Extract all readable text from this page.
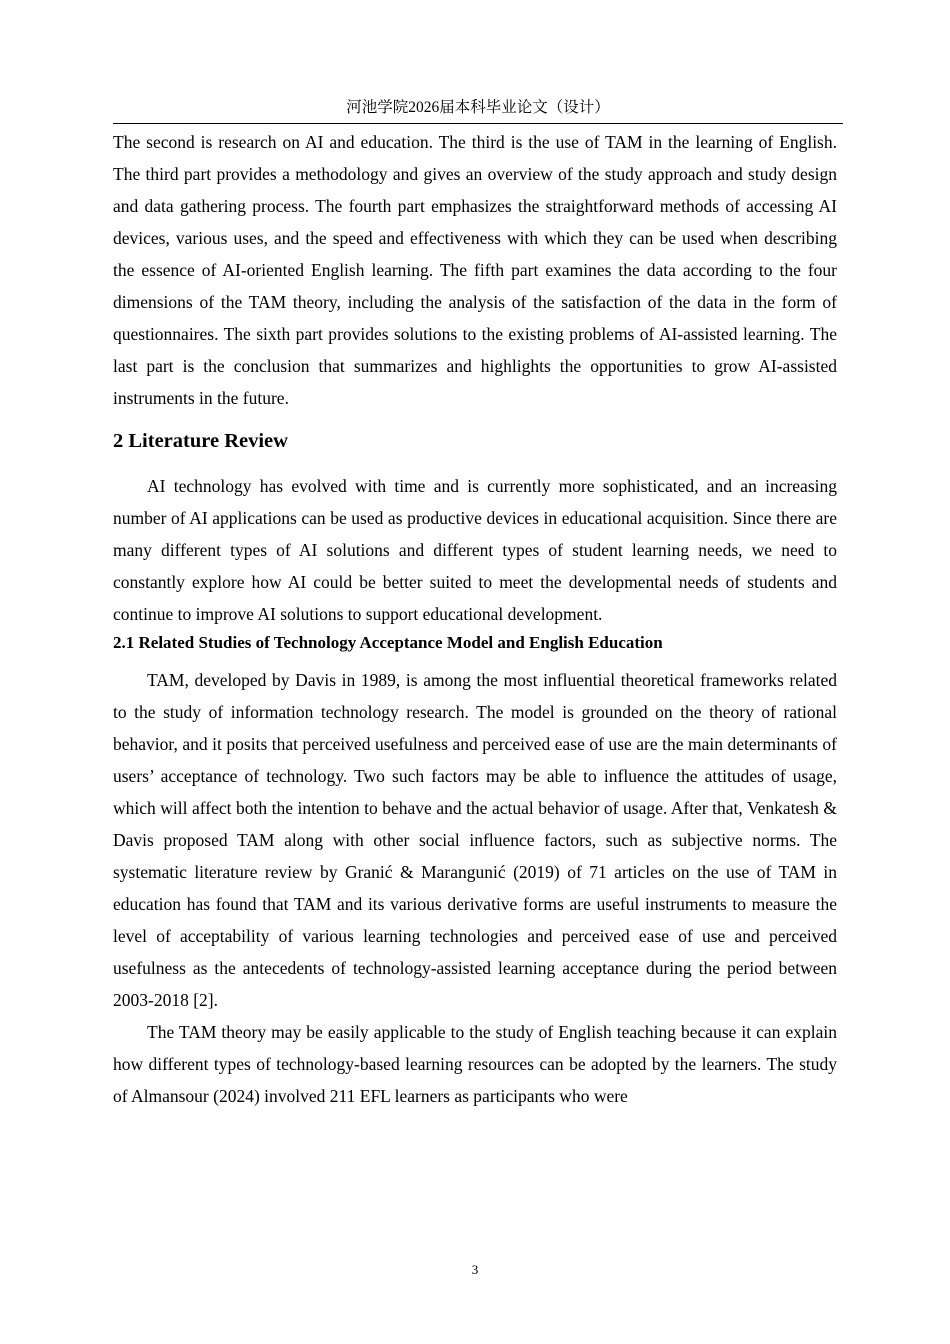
河池学院2026届本科毕业论文（设计）

The second is research on AI and education. The third is the use of TAM in the learning of English. The third part provides a methodology and gives an overview of the study approach and study design and data gathering process. The fourth part emphasizes the straightforward methods of accessing AI devices, various uses, and the speed and effectiveness with which they can be used when describing the essence of AI-oriented English learning. The fifth part examines the data according to the four dimensions of the TAM theory, including the analysis of the satisfaction of the data in the form of questionnaires. The sixth part provides solutions to the existing problems of AI-assisted learning. The last part is the conclusion that summarizes and highlights the opportunities to grow AI-assisted instruments in the future.

2 Literature Review

AI technology has evolved with time and is currently more sophisticated, and an increasing number of AI applications can be used as productive devices in educational acquisition. Since there are many different types of AI solutions and different types of student learning needs, we need to constantly explore how AI could be better suited to meet the developmental needs of students and continue to improve AI solutions to support educational development.

2.1 Related Studies of Technology Acceptance Model and English Education

TAM, developed by Davis in 1989, is among the most influential theoretical frameworks related to the study of information technology research. The model is grounded on the theory of rational behavior, and it posits that perceived usefulness and perceived ease of use are the main determinants of users’ acceptance of technology. Two such factors may be able to influence the attitudes of usage, which will affect both the intention to behave and the actual behavior of usage. After that, Venkatesh & Davis proposed TAM along with other social influence factors, such as subjective norms. The systematic literature review by Granić & Marangunić (2019) of 71 articles on the use of TAM in education has found that TAM and its various derivative forms are useful instruments to measure the level of acceptability of various learning technologies and perceived ease of use and perceived usefulness as the antecedents of technology-assisted learning acceptance during the period between 2003-2018 [2].

The TAM theory may be easily applicable to the study of English teaching because it can explain how different types of technology-based learning resources can be adopted by the learners. The study of Almansour (2024) involved 211 EFL learners as participants who were

3
